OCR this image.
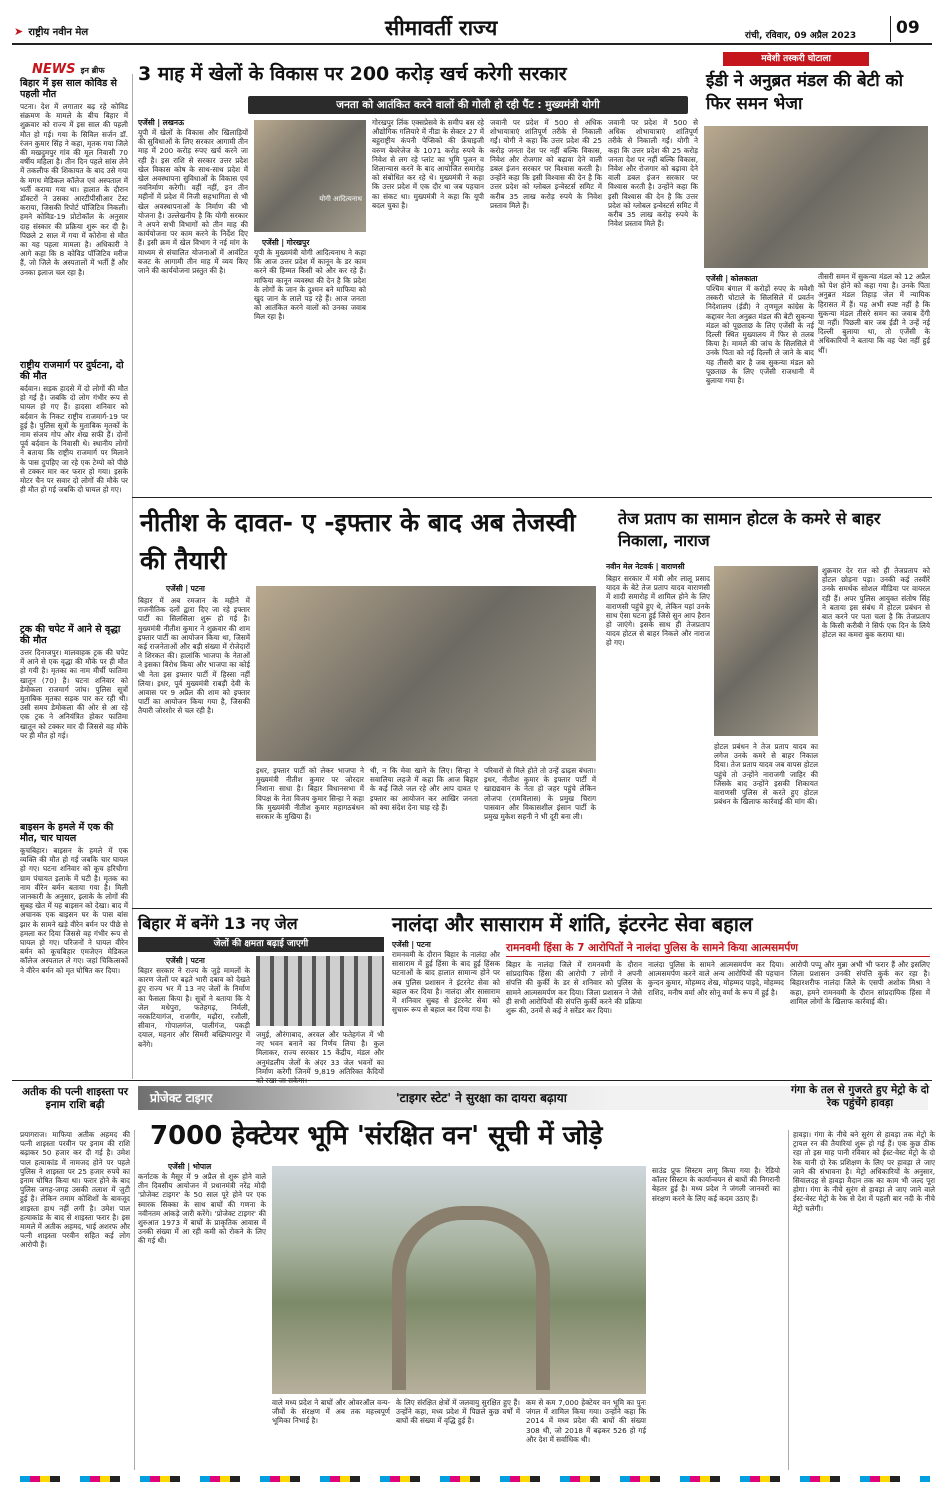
➤ राष्ट्रीय नवीन मेल	सीमावर्ती राज्य	रांची, रविवार, 09 अप्रैल 2023	09
NEWS इन ब्रीफ
बिहार में इस साल कोविड से पहली मौत
पटना। देश में लगातार बढ़ रहे कोविड संक्रमण के मामले के बीच बिहार में शुक्रवार को राज्य में इस साल की पहली मौत हो गई। गया के सिविल सर्जन डॉ. रंजन कुमार सिंह ने कहा, मृतक गया जिले की मखदुमपुर गांव की मूल निवासी 70 वर्षीय महिला है। तीन दिन पहले सांस लेने में तकलीफ की शिकायत के बाद उसे गया के मगध मेडिकल कॉलेज एवं अस्पताल में भर्ती कराया गया था। हालात के दौरान डॉक्टरों ने उसका आरटीपीसीआर टेस्ट कराया, जिसकी रिपोर्ट पॉजिटिव निकली। हमने कोविड-19 प्रोटोकॉल के अनुसार दाह संस्कार की प्रक्रिया शुरू कर दी है। पिछले 2 साल में गया में कोरोना से मौत का यह पहला मामला है। अधिकारी ने आगे कहा कि 8 कोविड पॉजिटिव मरीज हैं, जो जिले के अस्पतालों में भर्ती हैं और उनका इलाज चल रहा है।
राष्ट्रीय राजमार्ग पर दुर्घटना, दो की मौत
बर्दवान। सड़क हादसे में दो लोगों की मौत हो गई है। जबकि दो लोग गंभीर रूप से घायल हो गए हैं। हादसा शनिवार को बर्दवान के निकट राष्ट्रीय राजमार्ग-19 पर हुई है। पुलिस सूत्रों के मुताबिक मृतकों के नाम संजय गोप और शेख सफी हैं। दोनों पूर्व बर्दवान के निवासी थे। स्थानीय लोगों ने बताया कि राष्ट्रीय राजमार्ग पर मिलाने के पास दुपहिए जा रहे एक टेम्पो को पीछे से टक्कर मार कर फरार हो गया। इसके मोटर चैन पर सवार दो लोगों की मौके पर ही मौत हो गई जबकि दो घायल हो गए।
ट्रक की चपेट में आने से वृद्धा की मौत
उत्तर दिनाजपुर। मालवाहक ट्रक की चपेट में आने से एक वृद्धा की मौके पर ही मौत हो गयी है। मृतका का नाम मीर्ची फातिमा खातून (70) है। घटना शनिवार को डेमोकला राजमार्ग जांघ। पुलिस सूत्रों मुताबिक मृतका सड़क पार कर रही थी। उसी समय डेमोकला की ओर से आ रहे एक ट्रक ने अनियंत्रित होकर फातिमा खातून को टक्कर मार दी जिससे वह मौके पर ही मौत हो गई।
बाइसन के हमले में एक की मौत, चार घायल
कूचबिहार। बाइसन के हमले में एक व्यक्ति की मौत हो गई जबकि चार घायल हो गए। घटना शनिवार को कूच हरिचौगा ग्राम पंचायत इलाके में घटी है। मृतक का नाम वीरेन बर्मन बताया गया है। मिली जानकारी के अनुसार, इलाके के लोगों की सुबह खेत में यह बाइसन को देखा। बाद में अचानक एक बाइसन घर के पास बांस झार के सामने खड़े वीरेन बर्मन पर पीछे से हमला कर दिया जिससे वह गंभीर रूप से घायल हो गए। परिजनों ने घायल वीरेन बर्मन को कूचबिहार एमजेएन मेडिकल कॉलेज अस्पताल ले गए। जहां चिकित्सकों ने वीरेन बर्मन को मृत घोषित कर दिया।
3 माह में खेलों के विकास पर 200 करोड़ खर्च करेगी सरकार
जनता को आतंकित करने वालों की गोली हो रही पैंट : मुख्यमंत्री योगी
एजेंसी | लखनऊ
यूपी में खेलों के विकास और खिलाड़ियों की सुविधाओं के लिए सरकार आगामी तीन माह में 200 करोड़ रुपए खर्च करने जा रही है। इस राशि से सरकार उत्तर प्रदेश खेल विकास कोष के साथ-साथ प्रदेश में खेल अवस्थापना सुविधाओं के विकास एवं नवनिर्माण करेगी। वहीं नहीं, इन तीन महीनों में प्रदेश में निजी सहभागिता से भी खेल अवस्थापनाओं के निर्माण की भी योजना है। उल्लेखनीय है कि योगी सरकार ने अपने सभी विभागों को तीन माह की कार्ययोजना पर काम करने के निर्देश दिए हैं। इसी क्रम में खेल विभाग ने नई मांग के माध्यम से संचालित योजनाओं में आवंटित बजट के आगामी तीन माह में व्यय किए जाने की कार्ययोजना प्रस्तुत की है।
योगी आदित्यनाथ
एजेंसी | गोरखपुर
यूपी के मुख्यमंत्री योगी आदित्यनाथ ने कहा कि आज उत्तर प्रदेश में कानून के डर काम करने की हिम्मत किसी को और कर रहे हैं। माफिया कानून व्यवस्था की देन है कि प्रदेश के लोगों के जान के दुश्मन बने माफिया को खुद जान के लाले पड़ रहे हैं। आज जनता को आतंकित करने वालों को उनका जवाब मिल रहा है।
गोरखपुर लिंक एक्सप्रेसवे के समीप बस रहे औद्योगिक गलियारे में नीडा के सेक्टर 27 में बहुराष्ट्रीय कंपनी पेप्सिको की फ्रेंचाइजी वरुण बेवरेजेज के 1071 करोड़ रुपये के निवेश से लग रहे प्लांट का भूमि पूजन व शिलान्यास करने के बाद आयोजित समारोह को संबोधित कर रहे थे। मुख्यमंत्री ने कहा कि उत्तर प्रदेश में एक दौर था जब पहचान का संकट था। मुख्यमंत्री ने कहा कि यूपी बदल चुका है।
जवानी पर प्रदेश में 500 से अधिक शोभायात्राएं शांतिपूर्ण तरीके से निकाली गईं। योगी ने कहा कि उत्तर प्रदेश की 25 करोड़ जनता देश पर नहीं बल्कि विकास, निवेश और रोजगार को बढ़ावा देने वाली डबल इंजन सरकार पर विश्वास करती है। उन्होंने कहा कि इसी विश्वास की देन है कि उत्तर प्रदेश को ग्लोबल इन्वेस्टर्स समिट में करीब 35 लाख करोड़ रुपये के निवेश प्रस्ताव मिले हैं।
जवानी पर प्रदेश में 500 से अधिक शोभायात्राएं शांतिपूर्ण तरीके से निकाली गईं। योगी ने कहा कि उत्तर प्रदेश की 25 करोड़ जनता देश पर नहीं बल्कि विकास, निवेश और रोजगार को बढ़ावा देने वाली डबल इंजन सरकार पर विश्वास करती है। उन्होंने कहा कि इसी विश्वास की देन है कि उत्तर प्रदेश को ग्लोबल इन्वेस्टर्स समिट में करीब 35 लाख करोड़ रुपये के निवेश प्रस्ताव मिले हैं।
मवेशी तस्करी घोटाला
ईडी ने अनुब्रत मंडल की बेटी को फिर समन भेजा
एजेंसी | कोलकाता
पश्चिम बंगाल में करोड़ों रुपए के मवेशी तस्करी घोटाले के सिलसिले में प्रवर्तन निदेशालय (ईडी) ने तृणमूल कांग्रेस के कद्दावर नेता अनुब्रत मंडल की बेटी सुकन्या मंडल को पूछताछ के लिए एजेंसी के नई दिल्ली स्थित मुख्यालय में फिर से तलब किया है। मामले की जांच के सिलसिले में उनके पिता को नई दिल्ली ले जाने के बाद यह तीसरी बार है जब सुकन्या मंडल को पूछताछ के लिए एजेंसी राजधानी में बुलाया गया है।
तीसरी समन में सुकन्या मंडल को 12 अप्रैल को पेश होने को कहा गया है। उनके पिता अनुब्रत मंडल तिहाड़ जेल में न्यायिक हिरासत में हैं। यह अभी स्पष्ट नहीं है कि सुकन्या मंडल तीसरे समन का जवाब देंगी या नहीं। पिछली बार जब ईडी ने उन्हें नई दिल्ली बुलाया था, तो एजेंसी के अधिकारियों ने बताया कि वह पेश नहीं हुई थीं।
नीतीश के दावत- ए -इफ्तार के बाद अब तेजस्वी की तैयारी
एजेंसी | पटना
बिहार में अब रमजान के महीने में राजनीतिक दलों द्वारा दिए जा रहे इफ्तार पार्टी का सिलसिला शुरू हो गई है। मुख्यमंत्री नीतीश कुमार ने शुक्रवार की शाम इफ्तार पार्टी का आयोजन किया था, जिसमें कई राजनेताओं और बड़ी संख्या में रोजेदारों ने शिरकत की। हालांकि भाजपा के नेताओं ने इसका विरोध किया और भाजपा का कोई भी नेता इस इफ्तार पार्टी में हिस्सा नहीं लिया। इधर, पूर्व मुख्यमंत्री राबड़ी देवी के आवास पर 9 अप्रैल की शाम को इफ्तार पार्टी का आयोजन किया गया है, जिसकी तैयारी जोरशोर से चल रही है।
इधर, इफ्तार पार्टी को लेकर भाजपा ने मुख्यमंत्री नीतीश कुमार पर जोरदार निशाना साधा है। बिहार विधानसभा में विपक्ष के नेता विजय कुमार सिन्हा ने कहा कि मुख्यमंत्री नीतीश कुमार महागठबंधन सरकार के मुखिया हैं।
थी, न कि मेवा खाने के लिए। सिन्हा ने सवालिया लहजे में कहा कि आज बिहार के कई जिले जल रहे और आप दावत ए इफ्तार का आयोजन कर आखिर जनता को क्या संदेश देना चाह रहे हैं।
परिवारों से मिले होते तो उन्हें ढाढ़स बंधता। इधर, नीतीश कुमार के इफ्तार पार्टी में खाद्यद्यवान के नेता हो जहर पहुंचे लेकिन लोजपा (रामविलास) के प्रमुख चिराग पासवान और विकासशील इंसान पार्टी के प्रमुख मुकेश सहनी ने भी दूरी बना ली।
तेज प्रताप का सामान होटल के कमरे से बाहर निकाला, नाराज
नवीन मेल नेटवर्क | वाराणसी
बिहार सरकार में मंत्री और लालू प्रसाद यादव के बेटे तेज प्रताप यादव वाराणसी में शादी समारोह में शामिल होने के लिए वाराणसी पहुंचे हुए थे, लेकिन यहां उनके साथ ऐसा घटना हुई जिसे सुन आप हैरान हो जाएंगे। इसके साथ ही तेजप्रताप यादव होटल से बाहर निकले और नाराज हो गए।
होटल प्रबंधन ने तेज प्रताप यादव का लगेज उनके कमरे से बाहर निकाल दिया। तेज प्रताप यादव जब वापस होटल पहुंचे तो उन्होंने नाराजगी जाहिर की जिसके बाद उन्होंने इसकी शिकायत वाराणसी पुलिस से करते हुए होटल प्रबंधन के खिलाफ कार्रवाई की मांग की।
शुक्रवार देर रात को ही तेजप्रताप को होटल छोड़ना पड़ा। उनकी कई तस्वीरें उनके समर्थक सोशल मीडिया पर वायरल रही हैं। अपर पुलिस आयुक्त संतोष सिंह ने बताया इस संबंध में होटल प्रबंधन से बात करने पर पता चला है कि तेजप्रताप के किसी करीबी ने सिर्फ एक दिन के लिये होटल का कमरा बुक कराया था।
बिहार में बनेंगे 13 नए जेल
जेलों की क्षमता बढ़ाई जाएगी
एजेंसी | पटना
बिहार सरकार ने राज्य के जुड़े मामलों के कारण जेलों पर बढ़ते भारी दबाव को देखते हुए राज्य भर में 13 नए जेलों के निर्माण का फैसला किया है। सूत्रों ने बताया कि ये जेल मधेपुरा, फतेहगढ़, निर्मली, नरकटियागंज, राजगीर, मढ़ौरा, रजौली, सीवान, गोपालगंज, पालीगंज, पकड़ी दयाल, महनार और सिमरी बख्तियारपुर में बनेंगे।
जमुई, औरंगाबाद, अरवल और फतेहगंज में भी नए भवन बनाने का निर्णय लिया है। कुल मिलाकर, राज्य सरकार 15 केंद्रीय, मंडल और अनुमंडलीय जेलों के अंदर 33 जेल भवनों का निर्माण करेगी जिनमें 9,819 अतिरिक्त कैदियों
नालंदा और सासाराम में शांति, इंटरनेट सेवा बहाल
एजेंसी | पटना
रामनवमी के दौरान बिहार के नालंदा और सासाराम में हुई हिंसा के बाद हुई हिंसक घटनाओं के बाद हालात सामान्य होने पर अब पुलिस प्रशासन ने इंटरनेट सेवा को बहाल कर दिया है। नालंदा और सासाराम में शनिवार सुबह से इंटरनेट सेवा को सुचारू रूप से बहाल कर दिया गया है।
रामनवमी हिंसा के 7 आरोपितों ने नालंदा पुलिस के सामने किया आत्मसमर्पण
बिहार के नालंदा जिले में रामनवमी के दौरान सांप्रदायिक हिंसा की आरोपी 7 लोगों ने अपनी संपत्ति की कुर्की के डर से शनिवार को पुलिस के सामने आत्मसमर्पण कर दिया। जिला प्रशासन ने जैसे ही सभी आरोपियों की संपत्ति कुर्की करने की प्रक्रिया शुरू की, उनमें से कई ने सरेंडर कर दिया।
नालंदा पुलिस के सामने आत्मसमर्पण कर दिया। आत्मसमर्पण करने वाले अन्य आरोपियों की पहचान कुन्दन कुमार, मोहम्मद शेख, मोहम्मद पाइदे, मोहम्मद राशिद, मनीष वर्मा और सोनू वर्मा के रूप में हुई है।
आरोपी पप्पू और मुन्ना अभी भी फरार हैं और इसलिए जिला प्रशासन उनकी संपत्ति कुर्क कर रहा है। बिहारशरीफ नालंदा जिले के एसपी अशोक मिश्रा ने कहा, हमने रामनवमी के दौरान सांप्रदायिक हिंसा में शामिल लोगों के खिलाफ कार्रवाई की।
अतीक की पत्नी शाइस्ता पर इनाम राशि बढ़ी
प्रयागराज। माफिया अतीक अहमद की पत्नी शाइस्ता परवीन पर इनाम की राशि बढ़ाकर 50 हजार कर दी गई है। उमेश पाल हत्याकांड में नामजद होने पर पहले पुलिस ने शाइस्ता पर 25 हजार रुपये का इनाम घोषित किया था। फरार होने के बाद पुलिस जगह-जगह उसकी तलाश में जुटी हुई है। लेकिन तमाम कोशिशों के बावजूद शाइस्ता हाथ नहीं लगी है। उमेश पाल हत्याकांड के बाद से शाइस्ता फरार है। इस मामले में अतीक अहमद, भाई अशरफ और पत्नी शाइस्ता परवीन सहित कई लोग आरोपी हैं।
प्रोजेक्ट टाइगर	'टाइगर स्टेट' ने सुरक्षा का दायरा बढ़ाया
7000 हेक्टेयर भूमि 'संरक्षित वन' सूची में जोड़े
एजेंसी | भोपाल
कर्नाटक के मैसूर में 9 अप्रैल से शुरू होने वाले तीन दिवसीय आयोजन में प्रधानमंत्री नरेंद्र मोदी 'प्रोजेक्ट टाइगर' के 50 साल पूरे होने पर एक स्मारक सिक्का के साथ बाघों की गणना के नवीनतम आंकड़े जारी करेंगे। 'प्रोजेक्ट टाइगर' की शुरुआत 1973 में बाघों के प्राकृतिक आवास में उनकी संख्या में आ रही कमी को रोकने के लिए की गई थी।
वाले मध्य प्रदेश ने बाघों और ओवरऑल वन्य-जीवों के संरक्षण में अब तक महत्त्वपूर्ण भूमिका निभाई है।
के लिए संरक्षित क्षेत्रों में जलवायु सुरक्षित हुए हैं। उन्होंने कहा, मध्य प्रदेश में पिछले कुछ वर्षों में बाघों की संख्या में वृद्धि हुई है।
कम से कम 7,000 हेक्टेयर वन भूमि का पुनः जंगल में शामिल किया गया। उन्होंने कहा कि 2014 में मध्य प्रदेश की बाघों की संख्या 308 थी, जो 2018 में बढ़कर 526 हो गई और देश में सर्वाधिक थी।
साउंड प्रूफ सिस्टम लागू किया गया है। रेडियो कॉलर सिस्टम के कार्यान्वयन से बाघों की निगरानी बेहतर हुई है। मध्य प्रदेश ने जंगली जानवरों का संरक्षण करने के लिए कई कदम उठाए हैं।
गंगा के तल से गुजरते हुए मेट्रो के दो रेक पहुंचेंगे हावड़ा
हावड़ा। गंगा के नीचे बने सुरंग से हावड़ा तक मेट्रो के ट्रायल रन की तैयारियां शुरू हो गई हैं। एक कुछ ठीक रहा तो इस माह पानी रविवार को ईस्ट-वेस्ट मेट्रो के दो रेक यानी दो रेक प्रशिक्षण के लिए पर हावड़ा ले जाए जाने की संभावना है। मेट्रो अधिकारियों के अनुसार, सियालदह से हावड़ा मैदान तक का काम भी जल्द पूरा होगा। गंगा के नीचे सुरंग से हावड़ा ले जाए जाने वाले ईस्ट-वेस्ट मेट्रो के रेक से देश में पहली बार नदी के नीचे मेट्रो चलेगी।
